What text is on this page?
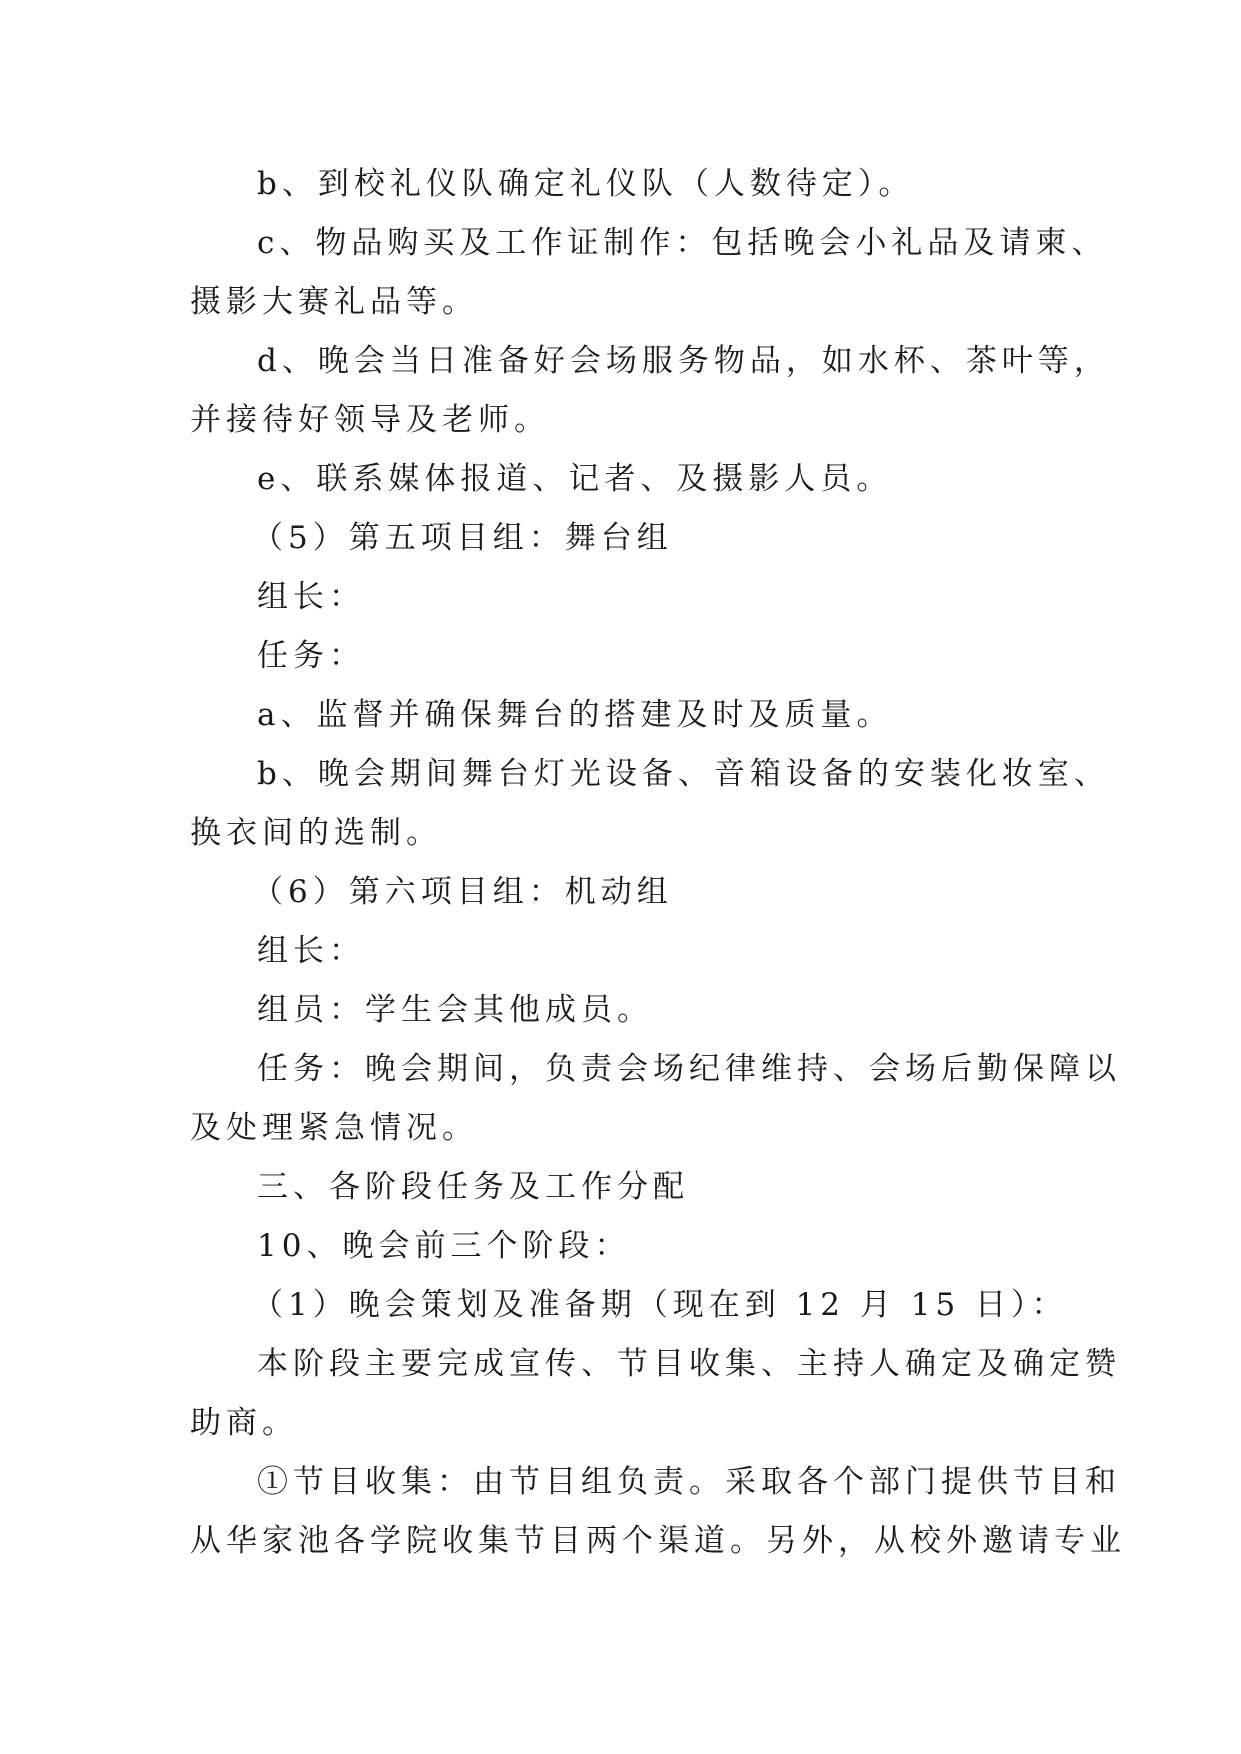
b、到校礼仪队确定礼仪队（人数待定）。
c、物品购买及工作证制作：包括晚会小礼品及请柬、
摄影大赛礼品等。
d、晚会当日准备好会场服务物品，如水杯、茶叶等，
并接待好领导及老师。
e、联系媒体报道、记者、及摄影人员。
（5）第五项目组：舞台组
组长：
任务：
a、监督并确保舞台的搭建及时及质量。
b、晚会期间舞台灯光设备、音箱设备的安装化妆室、
换衣间的选制。
（6）第六项目组：机动组
组长：
组员：学生会其他成员。
任务：晚会期间，负责会场纪律维持、会场后勤保障以
及处理紧急情况。
三、各阶段任务及工作分配
10、晚会前三个阶段：
（1）晚会策划及准备期（现在到 12 月 15 日）：
本阶段主要完成宣传、节目收集、主持人确定及确定赞
助商。
①节目收集：由节目组负责。采取各个部门提供节目和
从华家池各学院收集节目两个渠道。另外，从校外邀请专业
